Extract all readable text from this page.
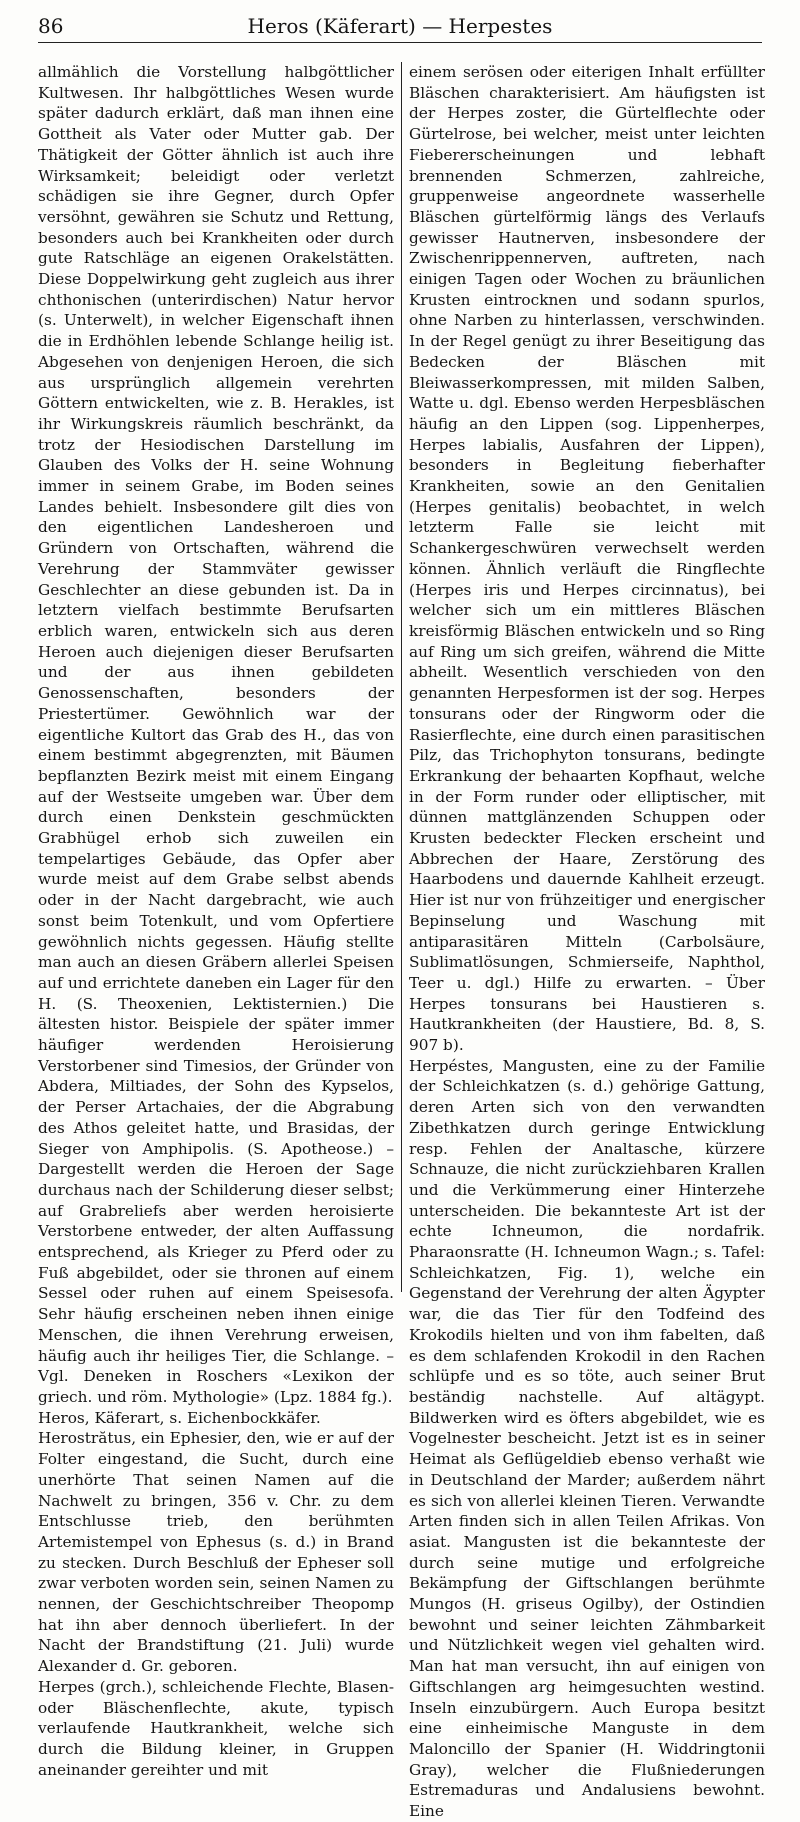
86	Heros (Käferart) — Herpestes

allmählich die Vorstellung halbgöttlicher Kultwesen. Ihr halbgöttliches Wesen wurde später dadurch erklärt, daß man ihnen eine Gottheit als Vater oder Mutter gab. Der Thätigkeit der Götter ähnlich ist auch ihre Wirksamkeit; beleidigt oder verletzt schädigen sie ihre Gegner, durch Opfer versöhnt, gewähren sie Schutz und Rettung, besonders auch bei Krankheiten oder durch gute Ratschläge an eigenen Orakelstätten. Diese Doppelwirkung geht zugleich aus ihrer chthonischen (unterirdischen) Natur hervor (s. Unterwelt), in welcher Eigenschaft ihnen die in Erdhöhlen lebende Schlange heilig ist. Abgesehen von denjenigen Heroen, die sich aus ursprünglich allgemein verehrten Göttern entwickelten, wie z. B. Herakles, ist ihr Wirkungskreis räumlich beschränkt, da trotz der Hesiodischen Darstellung im Glauben des Volks der H. seine Wohnung immer in seinem Grabe, im Boden seines Landes behielt. Insbesondere gilt dies von den eigentlichen Landesheroen und Gründern von Ortschaften, während die Verehrung der Stammväter gewisser Geschlechter an diese gebunden ist. Da in letztern vielfach bestimmte Berufsarten erblich waren, entwickeln sich aus deren Heroen auch diejenigen dieser Berufsarten und der aus ihnen gebildeten Genossenschaften, besonders der Priestertümer. Gewöhnlich war der eigentliche Kultort das Grab des H., das von einem bestimmt abgegrenzten, mit Bäumen bepflanzten Bezirk meist mit einem Eingang auf der Westseite umgeben war. Über dem durch einen Denkstein geschmückten Grabhügel erhob sich zuweilen ein tempelartiges Gebäude, das Opfer aber wurde meist auf dem Grabe selbst abends oder in der Nacht dargebracht, wie auch sonst beim Totenkult, und vom Opfertiere gewöhnlich nichts gegessen. Häufig stellte man auch an diesen Gräbern allerlei Speisen auf und errichtete daneben ein Lager für den H. (S. Theoxenien, Lektisternien.) Die ältesten histor. Beispiele der später immer häufiger werdenden Heroisierung Verstorbener sind Timesios, der Gründer von Abdera, Miltiades, der Sohn des Kypselos, der Perser Artachaies, der die Abgrabung des Athos geleitet hatte, und Brasidas, der Sieger von Amphipolis. (S. Apotheose.) – Dargestellt werden die Heroen der Sage durchaus nach der Schilderung dieser selbst; auf Grabreliefs aber werden heroisierte Verstorbene entweder, der alten Auffassung entsprechend, als Krieger zu Pferd oder zu Fuß abgebildet, oder sie thronen auf einem Sessel oder ruhen auf einem Speisesofa. Sehr häufig erscheinen neben ihnen einige Menschen, die ihnen Verehrung erweisen, häufig auch ihr heiliges Tier, die Schlange. – Vgl. Deneken in Roschers «Lexikon der griech. und röm. Mythologie» (Lpz. 1884 fg.).

Heros, Käferart, s. Eichenbockkäfer.

Herostrătus, ein Ephesier, den, wie er auf der Folter eingestand, die Sucht, durch eine unerhörte That seinen Namen auf die Nachwelt zu bringen, 356 v. Chr. zu dem Entschlusse trieb, den berühmten Artemistempel von Ephesus (s. d.) in Brand zu stecken. Durch Beschluß der Epheser soll zwar verboten worden sein, seinen Namen zu nennen, der Geschichtschreiber Theopomp hat ihn aber dennoch überliefert. In der Nacht der Brandstiftung (21. Juli) wurde Alexander d. Gr. geboren.

Herpes (grch.), schleichende Flechte, Blasen- oder Bläschenflechte, akute, typisch verlaufende Hautkrankheit, welche sich durch die Bildung kleiner, in Gruppen aneinander gereihter und mit

einem serösen oder eiterigen Inhalt erfüllter Bläschen charakterisiert. Am häufigsten ist der Herpes zoster, die Gürtelflechte oder Gürtelrose, bei welcher, meist unter leichten Fiebererscheinungen und lebhaft brennenden Schmerzen, zahlreiche, gruppenweise angeordnete wasserhelle Bläschen gürtelförmig längs des Verlaufs gewisser Hautnerven, insbesondere der Zwischenrippennerven, auftreten, nach einigen Tagen oder Wochen zu bräunlichen Krusten eintrocknen und sodann spurlos, ohne Narben zu hinterlassen, verschwinden. In der Regel genügt zu ihrer Beseitigung das Bedecken der Bläschen mit Bleiwasserkompressen, mit milden Salben, Watte u. dgl. Ebenso werden Herpesbläschen häufig an den Lippen (sog. Lippenherpes, Herpes labialis, Ausfahren der Lippen), besonders in Begleitung fieberhafter Krankheiten, sowie an den Genitalien (Herpes genitalis) beobachtet, in welch letzterm Falle sie leicht mit Schankergeschwüren verwechselt werden können. Ähnlich verläuft die Ringflechte (Herpes iris und Herpes circinnatus), bei welcher sich um ein mittleres Bläschen kreisförmig Bläschen entwickeln und so Ring auf Ring um sich greifen, während die Mitte abheilt. Wesentlich verschieden von den genannten Herpesformen ist der sog. Herpes tonsurans oder der Ringworm oder die Rasierflechte, eine durch einen parasitischen Pilz, das Trichophyton tonsurans, bedingte Erkrankung der behaarten Kopfhaut, welche in der Form runder oder elliptischer, mit dünnen mattglänzenden Schuppen oder Krusten bedeckter Flecken erscheint und Abbrechen der Haare, Zerstörung des Haarbodens und dauernde Kahlheit erzeugt. Hier ist nur von frühzeitiger und energischer Bepinselung und Waschung mit antiparasitären Mitteln (Carbolsäure, Sublimatlösungen, Schmierseife, Naphthol, Teer u. dgl.) Hilfe zu erwarten. – Über Herpes tonsurans bei Haustieren s. Hautkrankheiten (der Haustiere, Bd. 8, S. 907 b).

Herpéstes, Mangusten, eine zu der Familie der Schleichkatzen (s. d.) gehörige Gattung, deren Arten sich von den verwandten Zibethkatzen durch geringe Entwicklung resp. Fehlen der Analtasche, kürzere Schnauze, die nicht zurückziehbaren Krallen und die Verkümmerung einer Hinterzehe unterscheiden. Die bekannteste Art ist der echte Ichneumon, die nordafrik. Pharaonsratte (H. Ichneumon Wagn.; s. Tafel: Schleichkatzen, Fig. 1), welche ein Gegenstand der Verehrung der alten Ägypter war, die das Tier für den Todfeind des Krokodils hielten und von ihm fabelten, daß es dem schlafenden Krokodil in den Rachen schlüpfe und es so töte, auch seiner Brut beständig nachstelle. Auf altägypt. Bildwerken wird es öfters abgebildet, wie es Vogelnester bescheicht. Jetzt ist es in seiner Heimat als Geflügeldieb ebenso verhaßt wie in Deutschland der Marder; außerdem nährt es sich von allerlei kleinen Tieren. Verwandte Arten finden sich in allen Teilen Afrikas. Von asiat. Mangusten ist die bekannteste der durch seine mutige und erfolgreiche Bekämpfung der Giftschlangen berühmte Mungos (H. griseus Ogilby), der Ostindien bewohnt und seiner leichten Zähmbarkeit und Nützlichkeit wegen viel gehalten wird. Man hat man versucht, ihn auf einigen von Giftschlangen arg heimgesuchten westind. Inseln einzubürgern. Auch Europa besitzt eine einheimische Manguste in dem Maloncillo der Spanier (H. Widdringtonii Gray), welcher die Flußniederungen Estremaduras und Andalusiens bewohnt. Eine
